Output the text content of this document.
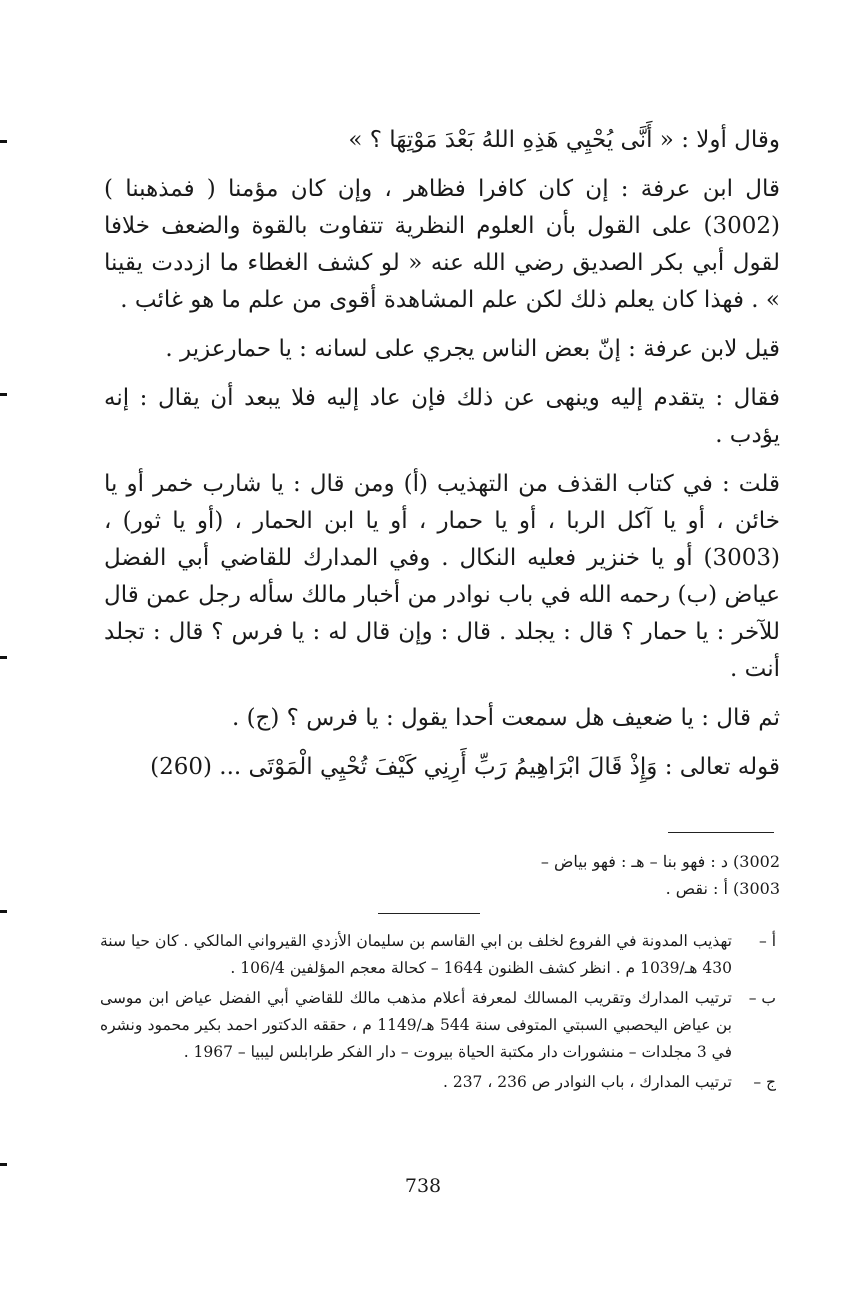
وقال أولا : « أَنَّى يُحْيِي هَذِهِ اللهُ بَعْدَ مَوْتِهَا ؟ »

قال ابن عرفة : إن كان كافرا فظاهر ، وإن كان مؤمنا ( فمذهبنا ) (3002) على القول بأن العلوم النظرية تتفاوت بالقوة والضعف خلافا لقول أبي بكر الصديق رضي الله عنه « لو كشف الغطاء ما ازددت يقينا » . فهذا كان يعلم ذلك لكن علم المشاهدة أقوى من علم ما هو غائب .

قيل لابن عرفة : إنّ بعض الناس يجري على لسانه : يا حمارعزير .

فقال : يتقدم إليه وينهى عن ذلك فإن عاد إليه فلا يبعد أن يقال : إنه يؤدب .

قلت : في كتاب القذف من التهذيب (أ) ومن قال : يا شارب خمر أو يا خائن ، أو يا آكل الربا ، أو يا حمار ، أو يا ابن الحمار ، (أو يا ثور) ، (3003) أو يا خنزير فعليه النكال . وفي المدارك للقاضي أبي الفضل عياض (ب) رحمه الله في باب نوادر من أخبار مالك سأله رجل عمن قال للآخر : يا حمار ؟ قال : يجلد . قال : وإن قال له : يا فرس ؟ قال : تجلد أنت .

ثم قال : يا ضعيف هل سمعت أحدا يقول : يا فرس ؟ (ج) .

قوله تعالى : وَإِذْ قَالَ ابْرَاهِيمُ رَبِّ أَرِنِي كَيْفَ تُحْيِي الْمَوْتَى ... (260)

3002) د : فهو بنا – هـ : فهو بياض –

3003) أ : نقص .

أ –
تهذيب المدونة في الفروع لخلف بن ابي القاسم بن سليمان الأزدي القيرواني المالكي . كان حيا سنة 430 هـ/1039 م . انظر كشف الظنون 1644 – كحالة معجم المؤلفين 106/4 .
ب –
ترتيب المدارك وتقريب المسالك لمعرفة أعلام مذهب مالك للقاضي أبي الفضل عياض ابن موسى بن عياض اليحصبي السبتي المتوفى سنة 544 هـ/1149 م ، حققه الدكتور احمد بكير محمود ونشره في 3 مجلدات – منشورات دار مكتبة الحياة بيروت – دار الفكر طرابلس ليبيا – 1967 .
ج –
ترتيب المدارك ، باب النوادر ص 236 ، 237 .
738
